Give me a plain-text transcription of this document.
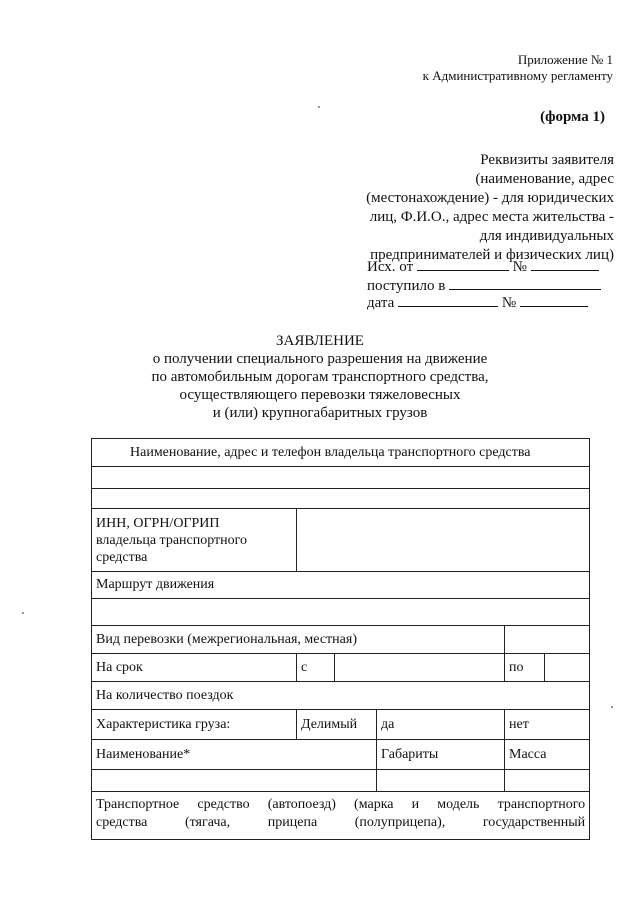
Приложение № 1
к Административному регламенту
(форма 1)
Реквизиты заявителя
(наименование, адрес
(местонахождение) - для юридических
лиц, Ф.И.О., адрес места жительства -
для индивидуальных
предпринимателей и физических лиц)
Исх. от	№
поступило в
дата	№
ЗАЯВЛЕНИЕ
о получении специального разрешения на движение
по автомобильным дорогам транспортного средства,
осуществляющего перевозки тяжеловесных
и (или) крупногабаритных грузов
Наименование, адрес и телефон владельца транспортного средства					

ИНН, ОГРН/ОГРИП
владельца транспортного
средства					

Маршрут движения					

Вид перевозки (межрегиональная, местная)					
На срок	с			по	
На количество поездок					
Характеристика груза:	Делимый		да	нет	
Наименование*			Габариты	Масса	

Транспортное средство (автопоезд) (марка и модель транспортного
средства (тягача, прицепа (полуприцепа), государственный					
